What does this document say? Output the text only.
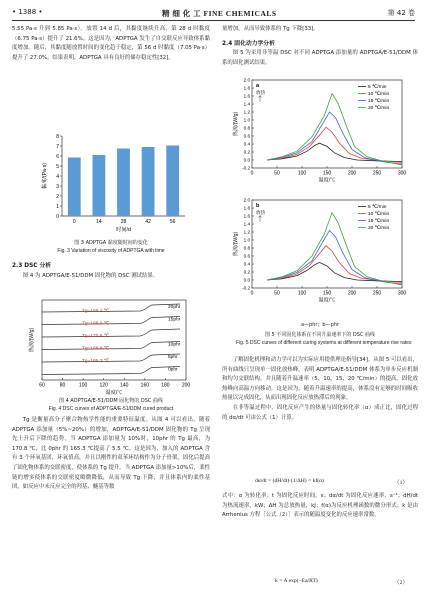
• 1388 •	精 细 化 工 FINE CHEMICALS	第 42 卷

5.55 Pa·s 升到 5.85 Pa·s）。放置 14 d 后，其黏度继续升高，第 28 d 时黏度（6.75 Pa·s）提升了 21.6%。这是因为，ADPTGA 发生了自交联反应导致体系黏度增加。随后，其黏度随放置时间的变化趋于稳定，第 56 d 时黏度（7.05 Pa·s）提升了 27.0%。结果表明，ADPTGA 具有良好的储存稳定性[32]。

0
1
2
3
4
5
6
7
8
0	14	28	42	56
时间/d
黏度/(Pa·s)
图 3 ADPTGA 黏度随时间的变化
Fig. 3 Variation of viscosity of ADPTGA with time
2.3 DSC 分析

图 4 为 ADPTGA/E-51/DDM 固化物的 DSC 测试结果。

60	80	100 120 140 160 180 200
温度/℃
热流/(W/g)
Tg=165.2 ℃
20phr
Tg=166.0 ℃
15phr
Tg=170.8 ℃
Tg=166.9 ℃
10phr
Tg=165.3 ℃
5phr
0phr
图 4 ADPTGA/E-51/DDM 固化物的 DSC 曲线
Fig. 4 DSC curves of ADPTGA/E-51/DDM cured product

Tg 是衡量高分子聚合物热学性能的重要特征温度。从图 4 可以看出，随着 ADPTGA 添加量（5%~20%）的增加，ADPTGA/E-51/DDM 固化物的 Tg 呈现先上升后下降的趋势。当 ADPTGA 添加量为 10%时，10phr 的 Tg 最高，为 170.8 ℃，比 0phr 的 165.3 ℃提高了 5.5 ℃。这是因为，加入的 ADPTGA 含有 3 个环氧基团，环氧值高，并且以刚性的双苯环结构作为分子骨架，固化后提高了固化物体系的交联密度，使体系的 Tg 提升。当 ADPTGA 添加量>10%后，柔性链的增多使体系的交联密度略微降低，从而导致 Tg 下降，并且体系内的柔性基团，如反应中未反应完全的羟基、醚基等数

量增加，从而导致体系的 Tg 下降[33]。

2.4 固化动力学分析

图 5 为采用非等温 DSC 对不同 ADPTGA 添加量的 ADPTGA/E-51/DDM 体系的固化测试结果。

0	50	100	150	200	250	300
-0.2
0.0
0.2
0.4
0.6
0.8
1.0
1.2
1.4
1.6
1.8
2.0
温度/℃
热流/(W/g)
a
放热
5 ℃/min
10 ℃/min
15 ℃/min
20 ℃/min
0	50	100	150	200	250	300
-0.2
0.0
0.2
0.4
0.6
0.8
1.0
1.2
1.4
1.6
1.8
2.0
温度/℃
热流/(W/g)
b
放热
5 ℃/min
10 ℃/min
15 ℃/min
20 ℃/min
a—phr；b—phr
图 5 不同固化体系在不同升温速率下的 DSC 曲线
Fig. 5 DSC curves of different curing systems at different temperature rise rates

了解固化机理和动力学可以为实际应用提供理论指导[34]。从图 5 可以看出，所有曲线只呈现单一固化放热峰，表明 ADPTGA/E-51/DDM 体系为单步反应机制和均匀交联结构。并且随着升温速率（5、10、15、20 ℃/min）的提高，固化放热峰向高温方向移动。这是因为，随着升温速率的提高，体系没有足够的时间吸收热量以完成固化，从而出现固化反应放热滞后的现象。

在非等温过程中，固化反应产生的热量与固化转化率（α）成正比，固化过程的 dα/dt 可由公式（1）计算。

dα/dt = (dH/dt)·(1/ΔH) = kf(α)	（1）

式中：α 为转化率；t 为固化反应时间，s；dα/dt 为固化反应速率，s⁻¹；dH/dt 为热流速率，kW；ΔH 为总放热量，kJ；f(α)为反应机理函数的微分形式；k 是由 Arrhenius 方程［公式（2）］表示的随温度变化的反应速率常数。

k = A exp(−Ea/RT)	（2）
